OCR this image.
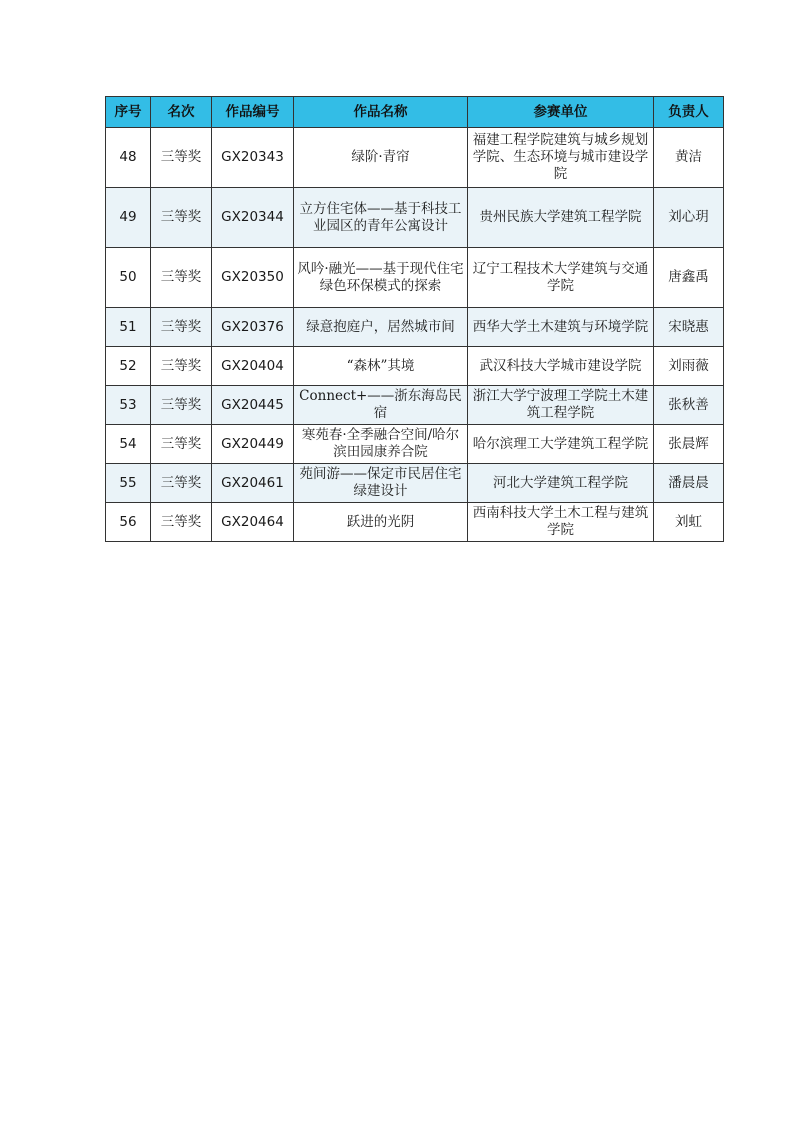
序号	名次	作品编号	作品名称	参赛单位	负责人
48	三等奖	GX20343	绿阶·青帘	福建工程学院建筑与城乡规划学院、生态环境与城市建设学院	黄洁
49	三等奖	GX20344	立方住宅体——基于科技工业园区的青年公寓设计	贵州民族大学建筑工程学院	刘心玥
50	三等奖	GX20350	风吟·融光——基于现代住宅绿色环保模式的探索	辽宁工程技术大学建筑与交通学院	唐鑫禹
51	三等奖	GX20376	绿意抱庭户，居然城市间	西华大学土木建筑与环境学院	宋晓惠
52	三等奖	GX20404	“森林”其境	武汉科技大学城市建设学院	刘雨薇
53	三等奖	GX20445	Connect+——浙东海岛民宿	浙江大学宁波理工学院土木建筑工程学院	张秋善
54	三等奖	GX20449	寒苑春·全季融合空间/哈尔滨田园康养合院	哈尔滨理工大学建筑工程学院	张晨辉
55	三等奖	GX20461	苑间游——保定市民居住宅绿建设计	河北大学建筑工程学院	潘晨晨
56	三等奖	GX20464	跃进的光阴	西南科技大学土木工程与建筑学院	刘虹
